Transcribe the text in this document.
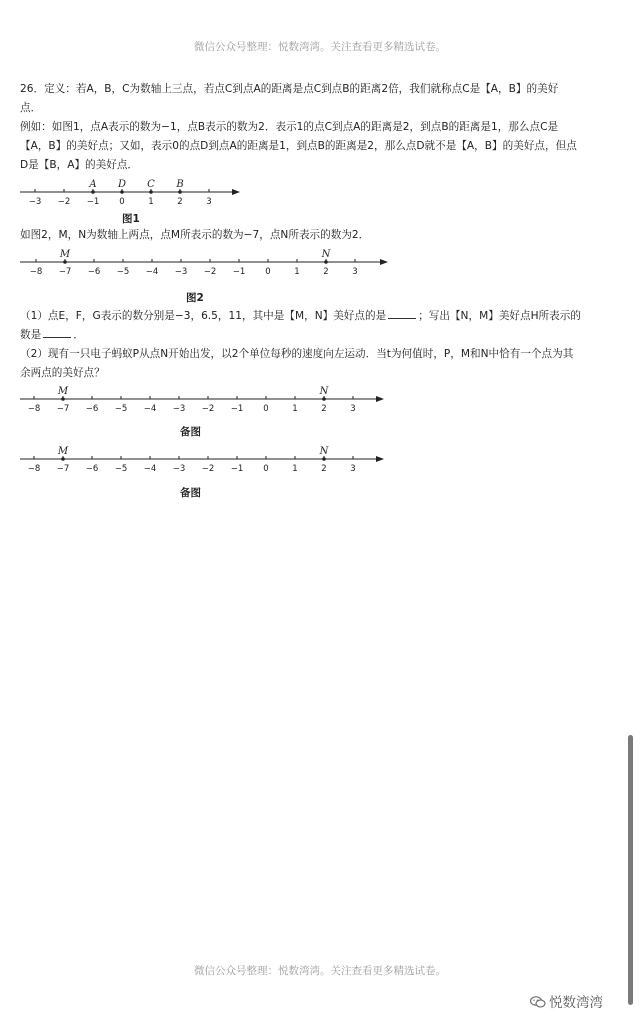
微信公众号整理：悦数湾湾。关注查看更多精选试卷。
26．定义：若A，B，C为数轴上三点，若点C到点A的距离是点C到点B的距离2倍，我们就称点C是【A，B】的美好
点．
例如：如图1，点A表示的数为−1，点B表示的数为2．表示1的点C到点A的距离是2，到点B的距离是1，那么点C是
【A，B】的美好点；又如，表示0的点D到点A的距离是1，到点B的距离是2，那么点D就不是【A，B】的美好点，但点
D是【B，A】的美好点．
−3 −2 −1 0	1	2	3
A D C B
图1
如图2，M，N为数轴上两点，点M所表示的数为−7，点N所表示的数为2．
−8 −7 −6 −5 −4 −3 −2 −1 0	1	2	3
M	N
图2
（1）点E，F，G表示的数分别是−3，6.5，11，其中是【M，N】美好点的是	；写出【N，M】美好点H所表示的
数是	．
（2）现有一只电子蚂蚁P从点N开始出发，以2个单位每秒的速度向左运动．当t为何值时，P，M和N中恰有一个点为其
余两点的美好点？
−8 −7 −6 −5 −4 −3 −2 −1 0	1	2	3
M	N
备图
−8 −7 −6 −5 −4 −3 −2 −1 0	1	2	3
M	N
备图
微信公众号整理：悦数湾湾。关注查看更多精选试卷。
悦数湾湾
